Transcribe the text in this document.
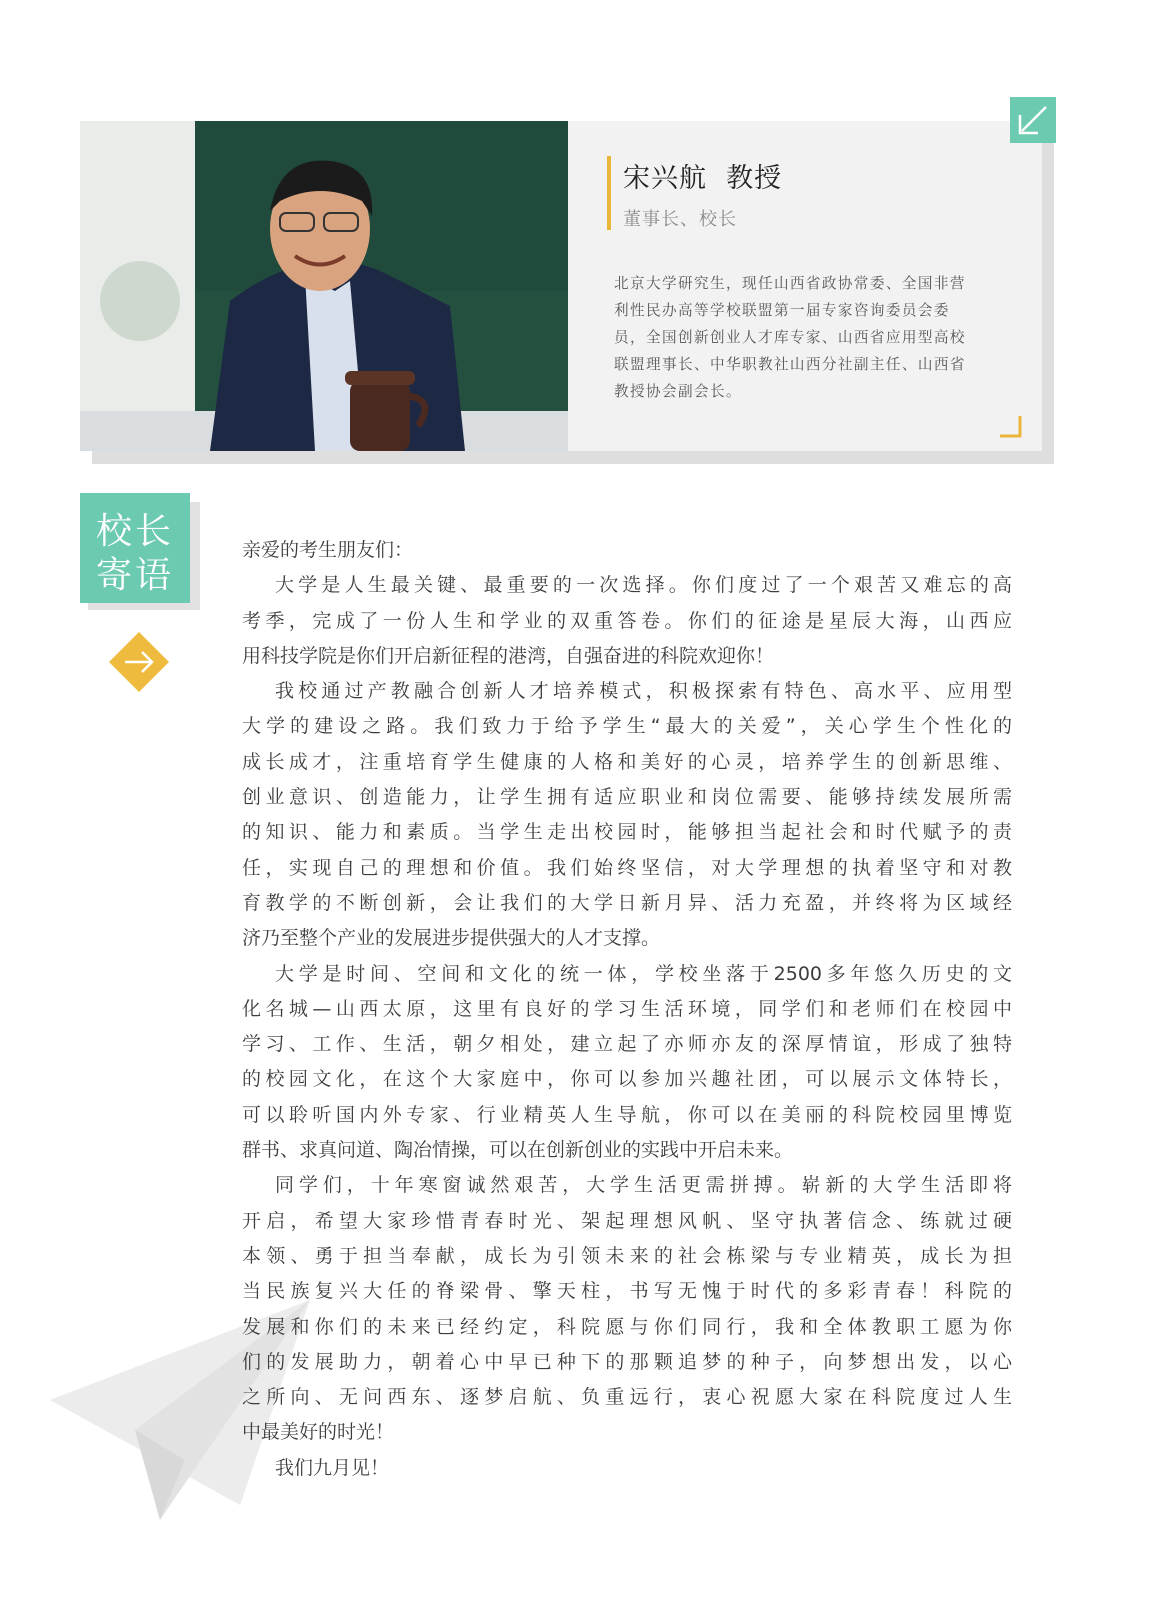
宋兴航  教授
董事长、校长
北京大学研究生，现任山西省政协常委、全国非营
利性民办高等学校联盟第一届专家咨询委员会委
员，全国创新创业人才库专家、山西省应用型高校
联盟理事长、中华职教社山西分社副主任、山西省
教授协会副会长。
校长
寄语
亲爱的考生朋友们：
大学是人生最关键、最重要的一次选择。你们度过了一个艰苦又难忘的高
考季，完成了一份人生和学业的双重答卷。你们的征途是星辰大海，山西应
用科技学院是你们开启新征程的港湾，自强奋进的科院欢迎你！
我校通过产教融合创新人才培养模式，积极探索有特色、高水平、应用型
大学的建设之路。我们致力于给予学生“最大的关爱”，关心学生个性化的
成长成才，注重培育学生健康的人格和美好的心灵，培养学生的创新思维、
创业意识、创造能力，让学生拥有适应职业和岗位需要、能够持续发展所需
的知识、能力和素质。当学生走出校园时，能够担当起社会和时代赋予的责
任，实现自己的理想和价值。我们始终坚信，对大学理想的执着坚守和对教
育教学的不断创新，会让我们的大学日新月异、活力充盈，并终将为区域经
济乃至整个产业的发展进步提供强大的人才支撑。
大学是时间、空间和文化的统一体，学校坐落于2500多年悠久历史的文
化名城—山西太原，这里有良好的学习生活环境，同学们和老师们在校园中
学习、工作、生活，朝夕相处，建立起了亦师亦友的深厚情谊，形成了独特
的校园文化，在这个大家庭中，你可以参加兴趣社团，可以展示文体特长，
可以聆听国内外专家、行业精英人生导航，你可以在美丽的科院校园里博览
群书、求真问道、陶冶情操，可以在创新创业的实践中开启未来。
同学们，十年寒窗诚然艰苦，大学生活更需拼搏。崭新的大学生活即将
开启，希望大家珍惜青春时光、架起理想风帆、坚守执著信念、练就过硬
本领、勇于担当奉献，成长为引领未来的社会栋梁与专业精英，成长为担
当民族复兴大任的脊梁骨、擎天柱，书写无愧于时代的多彩青春！科院的
发展和你们的未来已经约定，科院愿与你们同行，我和全体教职工愿为你
们的发展助力，朝着心中早已种下的那颗追梦的种子，向梦想出发，以心
之所向、无问西东、逐梦启航、负重远行，衷心祝愿大家在科院度过人生
中最美好的时光！
我们九月见！
